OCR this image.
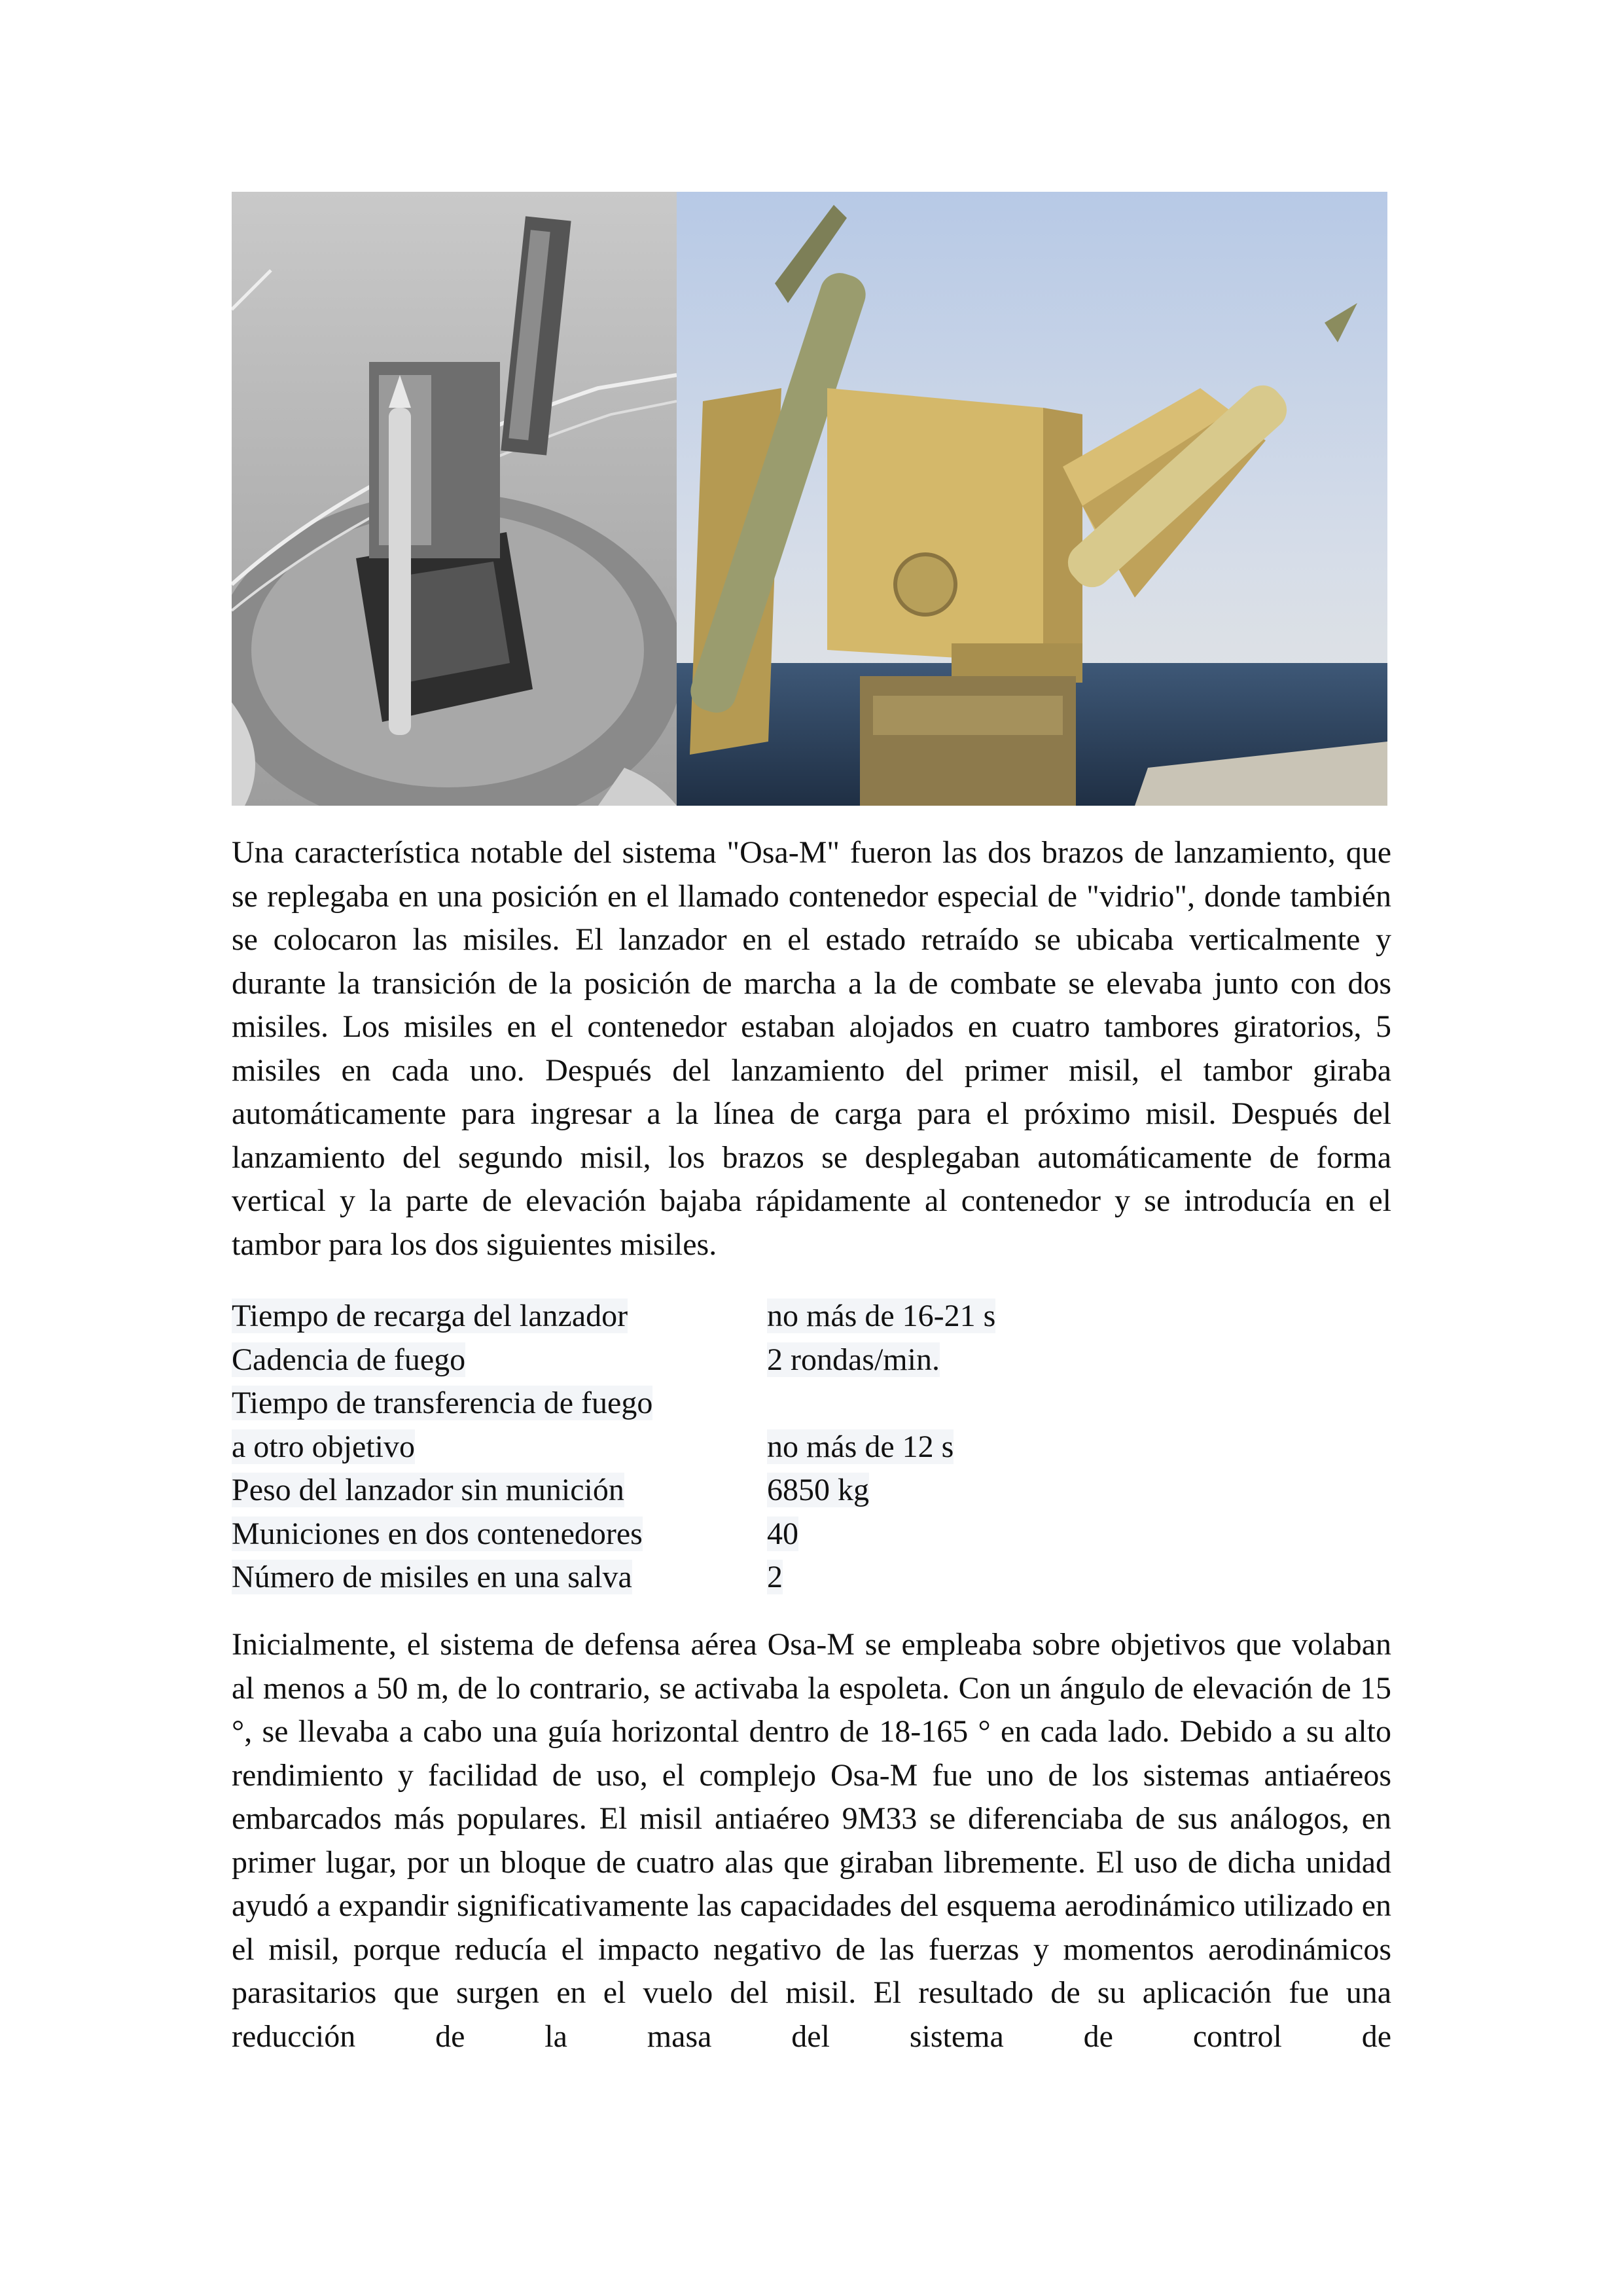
Una característica notable del sistema "Osa-M" fueron las dos brazos de lanzamiento, que se replegaba en una posición en el llamado contenedor especial de "vidrio", donde también se colocaron las misiles. El lanzador en el estado retraído se ubicaba verticalmente y durante la transición de la posición de marcha a la de combate se elevaba junto con dos misiles. Los misiles en el contenedor estaban alojados en cuatro tambores giratorios, 5 misiles en cada uno. Después del lanzamiento del primer misil, el tambor giraba automáticamente para ingresar a la línea de carga para el próximo misil. Después del lanzamiento del segundo misil, los brazos se desplegaban automáticamente de forma vertical y la parte de elevación bajaba rápidamente al contenedor y se introducía en el tambor para los dos siguientes misiles.

Tiempo de recarga del lanzador	no más de 16-21 s
Cadencia de fuego	2 rondas/min.
Tiempo de transferencia de fuego
a otro objetivo	no más de 12 s
Peso del lanzador sin munición	6850 kg
Municiones en dos contenedores	40
Número de misiles en una salva	2

Inicialmente, el sistema de defensa aérea Osa-M se empleaba sobre objetivos que volaban al menos a 50 m, de lo contrario, se activaba la espoleta. Con un ángulo de elevación de 15 °, se llevaba a cabo una guía horizontal dentro de 18-165 ° en cada lado. Debido a su alto rendimiento y facilidad de uso, el complejo Osa-M fue uno de los sistemas antiaéreos embarcados más populares. El misil antiaéreo 9M33 se diferenciaba de sus análogos, en primer lugar, por un bloque de cuatro alas que giraban libremente. El uso de dicha unidad ayudó a expandir significativamente las capacidades del esquema aerodinámico utilizado en el misil, porque reducía el impacto negativo de las fuerzas y momentos aerodinámicos parasitarios que surgen en el vuelo del misil. El resultado de su aplicación fue una reducción de la masa del sistema de control de
